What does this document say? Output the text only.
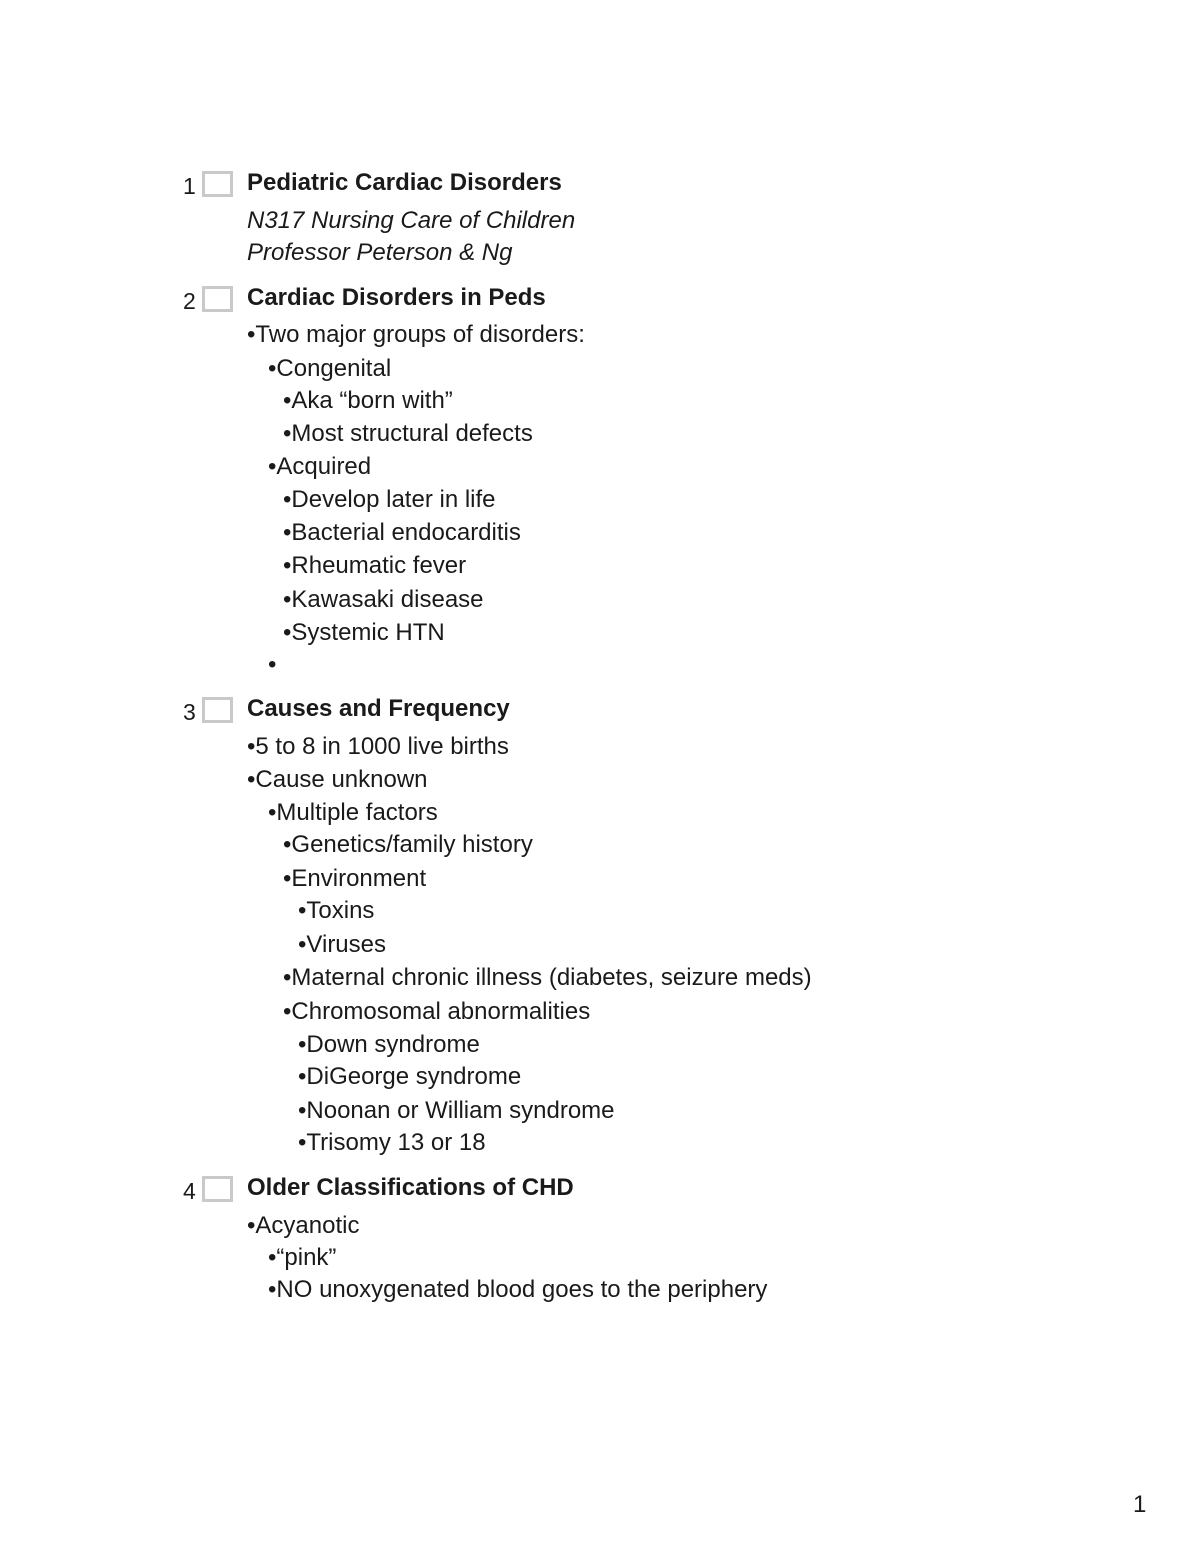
1 Pediatric Cardiac Disorders
N317 Nursing Care of Children
Professor Peterson & Ng
2 Cardiac Disorders in Peds
•Two major groups of disorders:
•Congenital
•Aka “born with”
•Most structural defects
•Acquired
•Develop later in life
•Bacterial endocarditis
•Rheumatic fever
•Kawasaki disease
•Systemic HTN
•
3 Causes and Frequency
•5 to 8 in 1000 live births
•Cause unknown
•Multiple factors
•Genetics/family history
•Environment
•Toxins
•Viruses
•Maternal chronic illness (diabetes, seizure meds)
•Chromosomal abnormalities
•Down syndrome
•DiGeorge syndrome
•Noonan or William syndrome
•Trisomy 13 or 18
4 Older Classifications of CHD
•Acyanotic
•“pink”
•NO unoxygenated blood goes to the periphery
1
